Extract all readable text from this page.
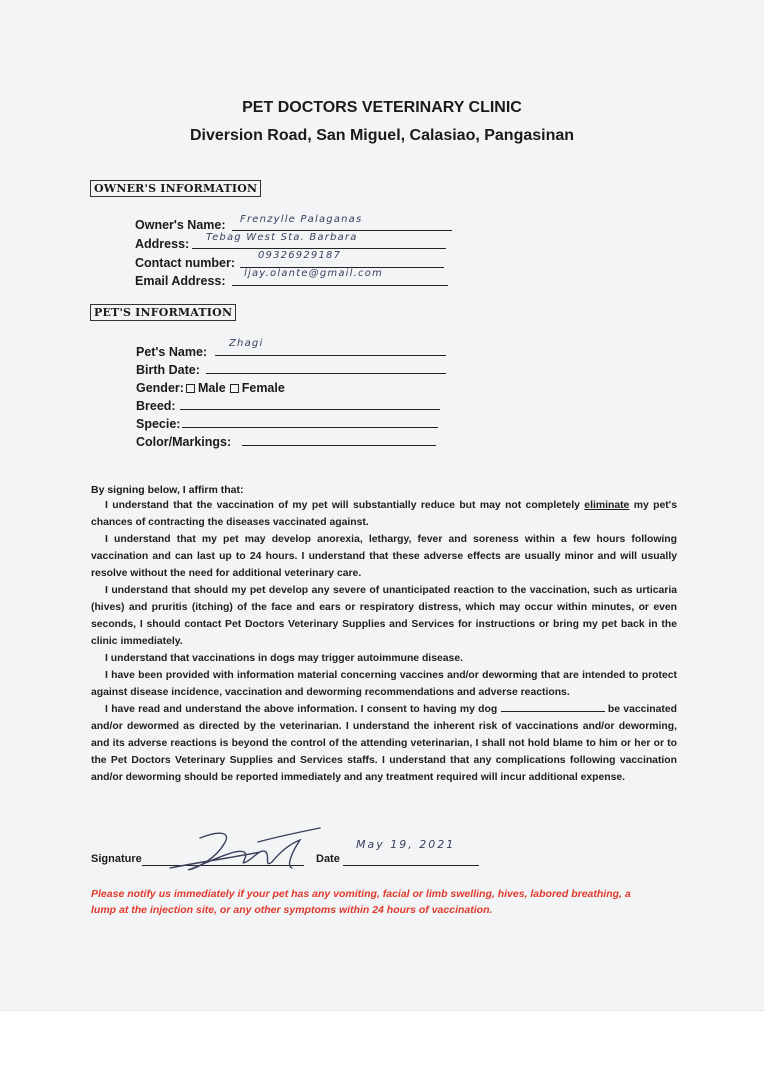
PET DOCTORS VETERINARY CLINIC
Diversion Road, San Miguel, Calasiao, Pangasinan
OWNER'S INFORMATION
Owner's Name: Frenzylle Palaganas
Address: Tebag West Sta. Barbara
Contact number:
09326929187
Email Address:
ljay.olante@gmail.com
PET'S INFORMATION
Pet's Name:
Zhagi
Birth Date:
Gender: Male Female
Breed:
Specie:
Color/Markings:
By signing below, I affirm that:

I understand that the vaccination of my pet will substantially reduce but may not completely eliminate my pet's chances of contracting the diseases vaccinated against.

I understand that my pet may develop anorexia, lethargy, fever and soreness within a few hours following vaccination and can last up to 24 hours. I understand that these adverse effects are usually minor and will usually resolve without the need for additional veterinary care.

I understand that should my pet develop any severe of unanticipated reaction to the vaccination, such as urticaria (hives) and pruritis (itching) of the face and ears or respiratory distress, which may occur within minutes, or even seconds, I should contact Pet Doctors Veterinary Supplies and Services for instructions or bring my pet back in the clinic immediately.

I understand that vaccinations in dogs may trigger autoimmune disease.

I have been provided with information material concerning vaccines and/or deworming that are intended to protect against disease incidence, vaccination and deworming recommendations and adverse reactions.

I have read and understand the above information. I consent to having my dog	be vaccinated and/or dewormed as directed by the veterinarian. I understand the inherent risk of vaccinations and/or deworming, and its adverse reactions is beyond the control of the attending veterinarian, I shall not hold blame to him or her or to the Pet Doctors Veterinary Supplies and Services staffs. I understand that any complications following vaccination and/or deworming should be reported immediately and any treatment required will incur additional expense.

Signature	Date
May 19, 2021
Please notify us immediately if your pet has any vomiting, facial or limb swelling, hives, labored breathing, a lump at the injection site, or any other symptoms within 24 hours of vaccination.
